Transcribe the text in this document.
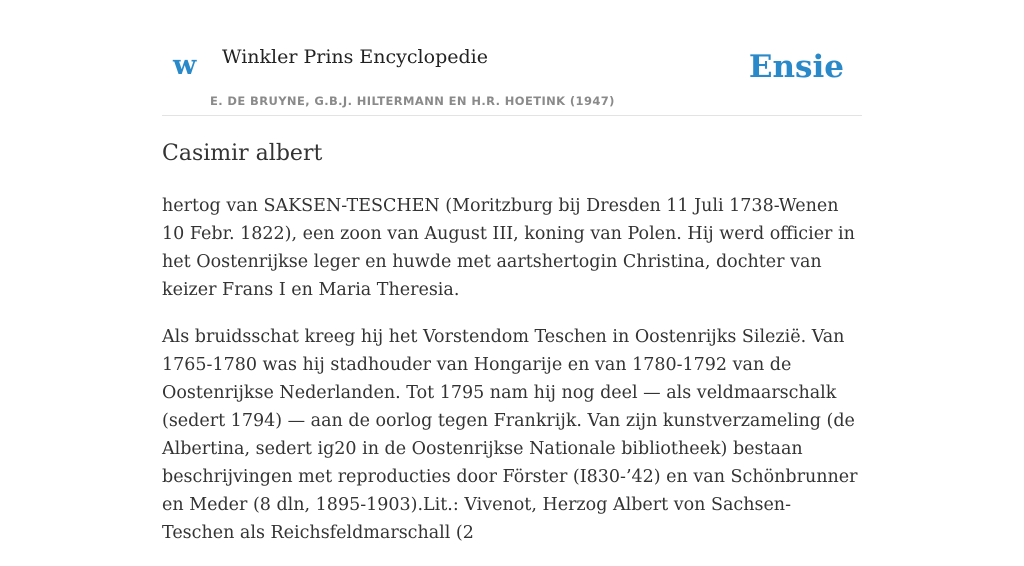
w Winkler Prins Encyclopedie
E. DE BRUYNE, G.B.J. HILTERMANN EN H.R. HOETINK (1947)
Ensie
Casimir albert

hertog van SAKSEN-TESCHEN (Moritzburg bij Dresden 11 Juli 1738-Wenen 10 Febr. 1822), een zoon van August III, koning van Polen. Hij werd officier in het Oostenrijkse leger en huwde met aartshertogin Christina, dochter van keizer Frans I en Maria Theresia.

Als bruidsschat kreeg hij het Vorstendom Teschen in Oostenrijks Silezië. Van 1765-1780 was hij stadhouder van Hongarije en van 1780-1792 van de Oostenrijkse Nederlanden. Tot 1795 nam hij nog deel — als veldmaarschalk (sedert 1794) — aan de oorlog tegen Frankrijk. Van zijn kunstverzameling (de Albertina, sedert ig20 in de Oostenrijkse Nationale bibliotheek) bestaan beschrijvingen met reproducties door Förster (I830-’42) en van Schönbrunner en Meder (8 dln, 1895-1903).Lit.: Vivenot, Herzog Albert von Sachsen-Teschen als Reichsfeldmarschall (2
